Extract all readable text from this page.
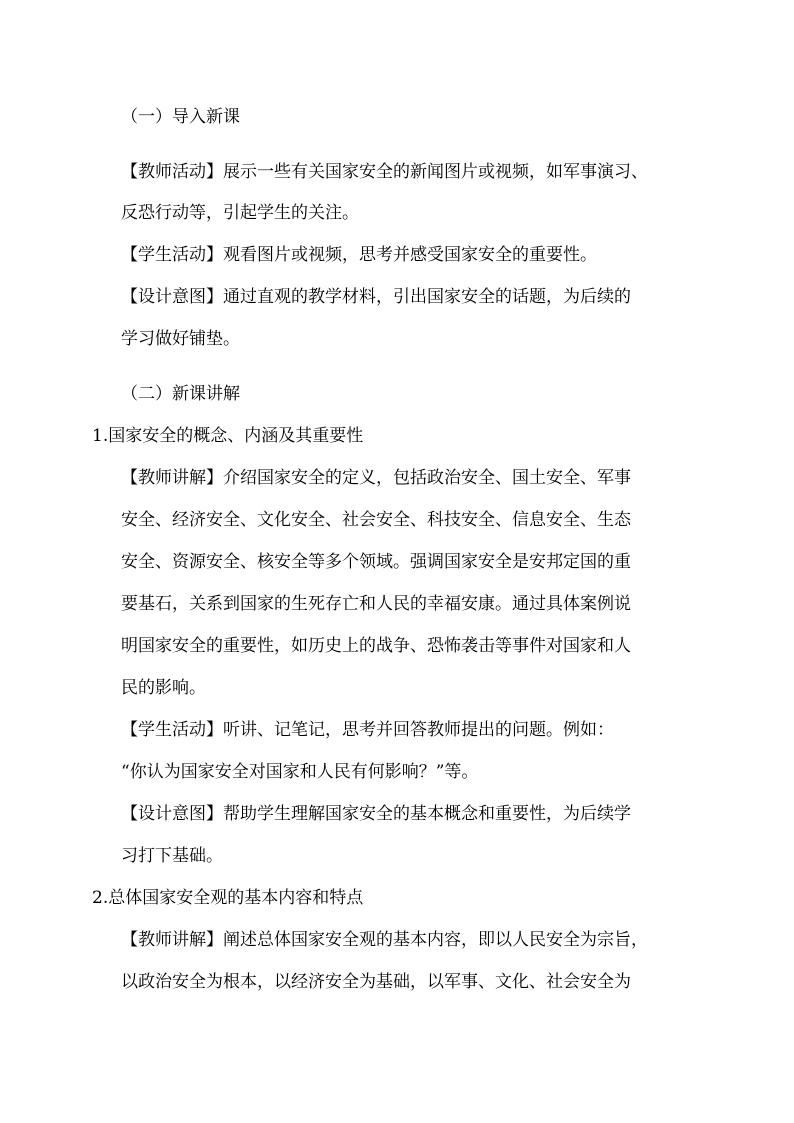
（一）导入新课
【教师活动】展示一些有关国家安全的新闻图片或视频，如军事演习、
反恐行动等，引起学生的关注。
【学生活动】观看图片或视频，思考并感受国家安全的重要性。
【设计意图】通过直观的教学材料，引出国家安全的话题，为后续的
学习做好铺垫。
（二）新课讲解
1.国家安全的概念、内涵及其重要性
【教师讲解】介绍国家安全的定义，包括政治安全、国土安全、军事
安全、经济安全、文化安全、社会安全、科技安全、信息安全、生态
安全、资源安全、核安全等多个领域。强调国家安全是安邦定国的重
要基石，关系到国家的生死存亡和人民的幸福安康。通过具体案例说
明国家安全的重要性，如历史上的战争、恐怖袭击等事件对国家和人
民的影响。
【学生活动】听讲、记笔记，思考并回答教师提出的问题。例如：
“你认为国家安全对国家和人民有何影响？”等。
【设计意图】帮助学生理解国家安全的基本概念和重要性，为后续学
习打下基础。
2.总体国家安全观的基本内容和特点
【教师讲解】阐述总体国家安全观的基本内容，即以人民安全为宗旨，
以政治安全为根本，以经济安全为基础，以军事、文化、社会安全为
